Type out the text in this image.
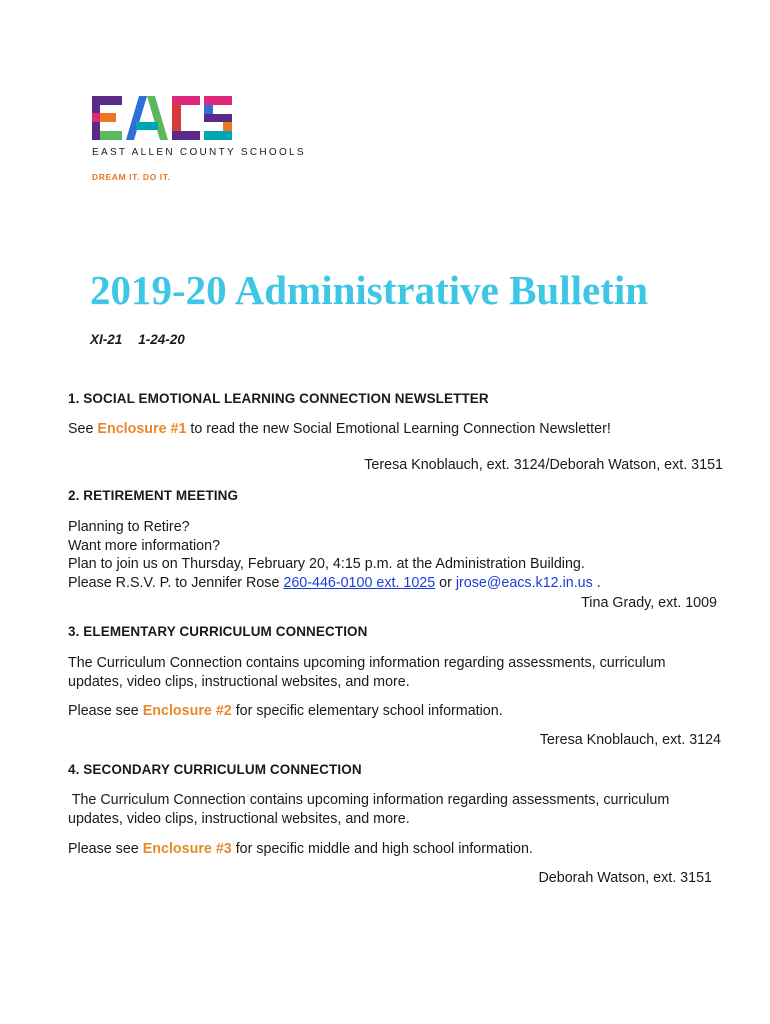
EAST ALLEN COUNTY SCHOOLS
DREAM IT. DO IT.
2019-20 Administrative Bulletin
XI-21 1-24-20
1. SOCIAL EMOTIONAL LEARNING CONNECTION NEWSLETTER
See Enclosure #1 to read the new Social Emotional Learning Connection Newsletter!
Teresa Knoblauch, ext. 3124/Deborah Watson, ext. 3151
2. RETIREMENT MEETING
Planning to Retire?
Want more information?
Plan to join us on Thursday, February 20, 4:15 p.m. at the Administration Building.
Please R.S.V. P. to Jennifer Rose 260-446-0100 ext. 1025 or jrose@eacs.k12.in.us .
Tina Grady, ext. 1009
3. ELEMENTARY CURRICULUM CONNECTION
The Curriculum Connection contains upcoming information regarding assessments, curriculum
updates, video clips, instructional websites, and more.
Please see Enclosure #2 for specific elementary school information.
Teresa Knoblauch, ext. 3124
4. SECONDARY CURRICULUM CONNECTION
The Curriculum Connection contains upcoming information regarding assessments, curriculum
updates, video clips, instructional websites, and more.
Please see Enclosure #3 for specific middle and high school information.
Deborah Watson, ext. 3151
